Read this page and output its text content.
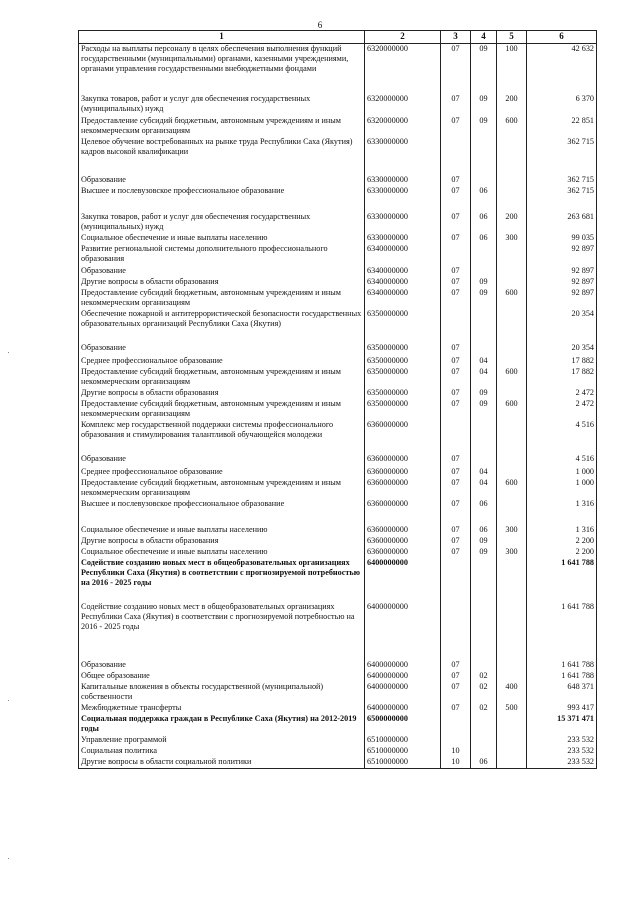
6
1	2	3	4	5	6
Расходы на выплаты персоналу в целях обеспечения выполнения функций государственными (муниципальными) органами, казенными учреждениями, органами управления государственными внебюджетными фондами	6320000000	07	09	100	42 632
Закупка товаров, работ и услуг для обеспечения государственных (муниципальных) нужд	6320000000	07	09	200	6 370
Предоставление субсидий бюджетным, автономным учреждениям и иным некоммерческим организациям	6320000000	07	09	600	22 851
Целевое обучение востребованных на рынке труда Республики Саха (Якутия) кадров высокой квалификации	6330000000				362 715
Образование	6330000000	07			362 715
Высшее и послевузовское профессиональное образование	6330000000	07	06		362 715
Закупка товаров, работ и услуг для обеспечения государственных (муниципальных) нужд	6330000000	07	06	200	263 681
Социальное обеспечение и иные выплаты населению	6330000000	07	06	300	99 035
Развитие региональной системы дополнительного профессионального образования	6340000000				92 897
Образование	6340000000	07			92 897
Другие вопросы в области образования	6340000000	07	09		92 897
Предоставление субсидий бюджетным, автономным учреждениям и иным некоммерческим организациям	6340000000	07	09	600	92 897
Обеспечение пожарной и антитеррористической безопасности государственных образовательных организаций Республики Саха (Якутия)	6350000000				20 354
Образование	6350000000	07			20 354
Среднее профессиональное образование	6350000000	07	04		17 882
Предоставление субсидий бюджетным, автономным учреждениям и иным некоммерческим организациям	6350000000	07	04	600	17 882
Другие вопросы в области образования	6350000000	07	09		2 472
Предоставление субсидий бюджетным, автономным учреждениям и иным некоммерческим организациям	6350000000	07	09	600	2 472
Комплекс мер государственной поддержки системы профессионального образования и стимулирования талантливой обучающейся молодежи	6360000000				4 516
Образование	6360000000	07			4 516
Среднее профессиональное образование	6360000000	07	04		1 000
Предоставление субсидий бюджетным, автономным учреждениям и иным некоммерческим организациям	6360000000	07	04	600	1 000
Высшее и послевузовское профессиональное образование	6360000000	07	06		1 316
Социальное обеспечение и иные выплаты населению	6360000000	07	06	300	1 316
Другие вопросы в области образования	6360000000	07	09		2 200
Социальное обеспечение и иные выплаты населению	6360000000	07	09	300	2 200
Содействие созданию новых мест в общеобразовательных организациях Республики Саха (Якутия) в соответствии с прогнозируемой потребностью на 2016 - 2025 годы	6400000000				1 641 788
Содействие созданию новых мест в общеобразовательных организациях Республики Саха (Якутия) в соответствии с прогнозируемой потребностью на 2016 - 2025 годы	6400000000				1 641 788
Образование	6400000000	07			1 641 788
Общее образование	6400000000	07	02		1 641 788
Капитальные вложения в объекты государственной (муниципальной) собственности	6400000000	07	02	400	648 371
Межбюджетные трансферты	6400000000	07	02	500	993 417
Социальная поддержка граждан в Республике Саха (Якутия) на 2012-2019 годы	6500000000				15 371 471
Управление программой	6510000000				233 532
Социальная политика	6510000000	10			233 532
Другие вопросы в области социальной политики	6510000000	10	06		233 532
